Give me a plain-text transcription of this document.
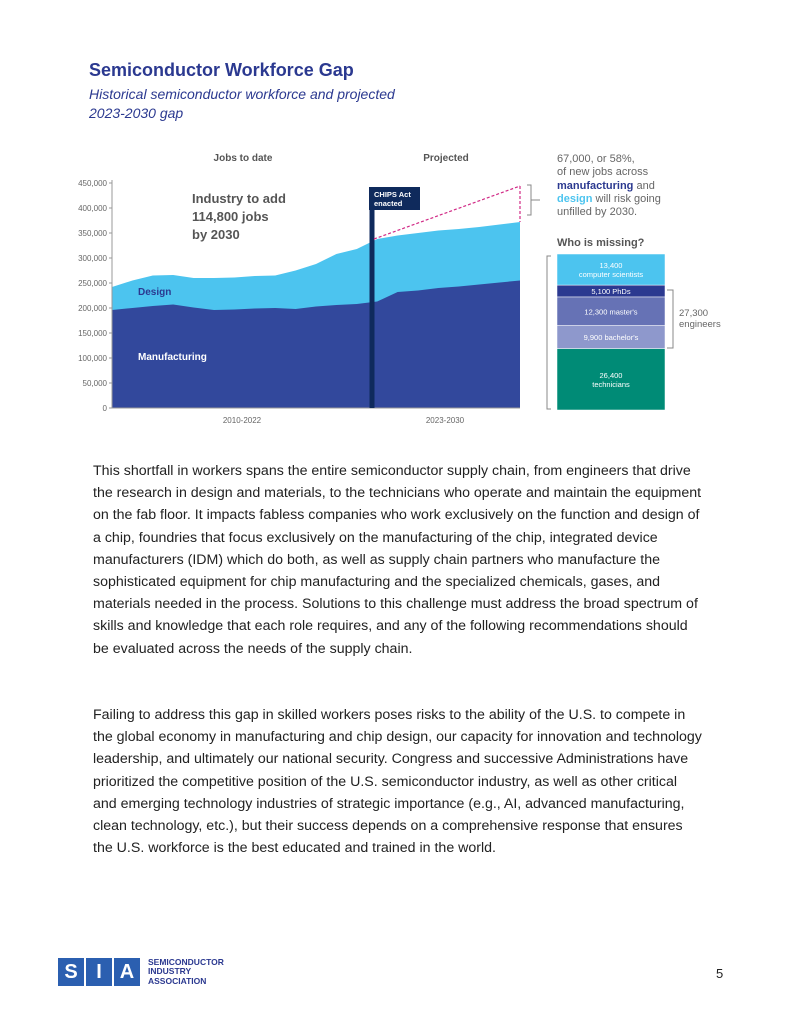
Semiconductor Workforce Gap
Historical semiconductor workforce and projected 2023-2030 gap
450,000
400,000
350,000
300,000
250,000
200,000
150,000
100,000
50,000
0
2010-2022	2023-2030
Jobs to date	Projected
Industry to add
114,800 jobs
by 2030
Design
Manufacturing
CHIPS Act
enacted
67,000, or 58%,
of new jobs across
manufacturing and
design will risk going
unfilled by 2030.
Who is missing?
13,400
computer scientists
5,100 PhDs
12,300 master's
9,900 bachelor's
26,400
technicians
27,300
engineers

This shortfall in workers spans the entire semiconductor supply chain, from engineers that drive the research in design and materials, to the technicians who operate and maintain the equipment on the fab floor. It impacts fabless companies who work exclusively on the function and design of a chip, foundries that focus exclusively on the manufacturing of the chip, integrated device manufacturers (IDM) which do both, as well as supply chain partners who manufacture the sophisticated equipment for chip manufacturing and the specialized chemicals, gases, and materials needed in the process. Solutions to this challenge must address the broad spectrum of skills and knowledge that each role requires, and any of the following recommendations should be evaluated across the needs of the supply chain.

Failing to address this gap in skilled workers poses risks to the ability of the U.S. to compete in the global economy in manufacturing and chip design, our capacity for innovation and technology leadership, and ultimately our national security. Congress and successive Administrations have prioritized the competitive position of the U.S. semiconductor industry, as well as other critical and emerging technology industries of strategic importance (e.g., AI, advanced manufacturing, clean technology, etc.), but their success depends on a comprehensive response that ensures the U.S. workforce is the best educated and trained in the world.

S I A	SEMICONDUCTOR
INDUSTRY
ASSOCIATION	5
